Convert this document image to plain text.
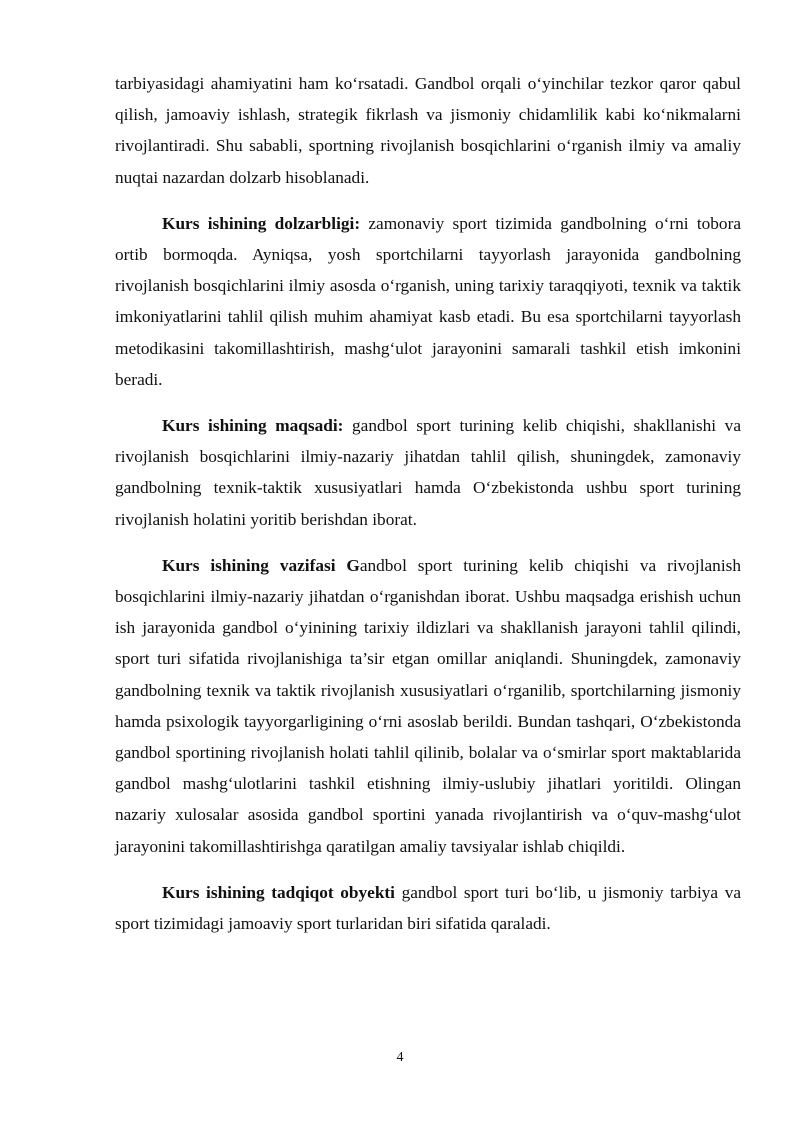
tarbiyasidagi ahamiyatini ham ko‘rsatadi. Gandbol orqali o‘yinchilar tezkor qaror qabul qilish, jamoaviy ishlash, strategik fikrlash va jismoniy chidamlilik kabi ko‘nikmalarni rivojlantiradi. Shu sababli, sportning rivojlanish bosqichlarini o‘rganish ilmiy va amaliy nuqtai nazardan dolzarb hisoblanadi.

Kurs ishining dolzarbligi: zamonaviy sport tizimida gandbolning o‘rni tobora ortib bormoqda. Ayniqsa, yosh sportchilarni tayyorlash jarayonida gandbolning rivojlanish bosqichlarini ilmiy asosda o‘rganish, uning tarixiy taraqqiyoti, texnik va taktik imkoniyatlarini tahlil qilish muhim ahamiyat kasb etadi. Bu esa sportchilarni tayyorlash metodikasini takomillashtirish, mashg‘ulot jarayonini samarali tashkil etish imkonini beradi.

Kurs ishining maqsadi: gandbol sport turining kelib chiqishi, shakllanishi va rivojlanish bosqichlarini ilmiy-nazariy jihatdan tahlil qilish, shuningdek, zamonaviy gandbolning texnik-taktik xususiyatlari hamda O‘zbekistonda ushbu sport turining rivojlanish holatini yoritib berishdan iborat.

Kurs ishining vazifasi Gandbol sport turining kelib chiqishi va rivojlanish bosqichlarini ilmiy-nazariy jihatdan o‘rganishdan iborat. Ushbu maqsadga erishish uchun ish jarayonida gandbol o‘yinining tarixiy ildizlari va shakllanish jarayoni tahlil qilindi, sport turi sifatida rivojlanishiga ta’sir etgan omillar aniqlandi. Shuningdek, zamonaviy gandbolning texnik va taktik rivojlanish xususiyatlari o‘rganilib, sportchilarning jismoniy hamda psixologik tayyorgarligining o‘rni asoslab berildi. Bundan tashqari, O‘zbekistonda gandbol sportining rivojlanish holati tahlil qilinib, bolalar va o‘smirlar sport maktablarida gandbol mashg‘ulotlarini tashkil etishning ilmiy-uslubiy jihatlari yoritildi. Olingan nazariy xulosalar asosida gandbol sportini yanada rivojlantirish va o‘quv-mashg‘ulot jarayonini takomillashtirishga qaratilgan amaliy tavsiyalar ishlab chiqildi.

Kurs ishining tadqiqot obyekti gandbol sport turi bo‘lib, u jismoniy tarbiya va sport tizimidagi jamoaviy sport turlaridan biri sifatida qaraladi.

4
